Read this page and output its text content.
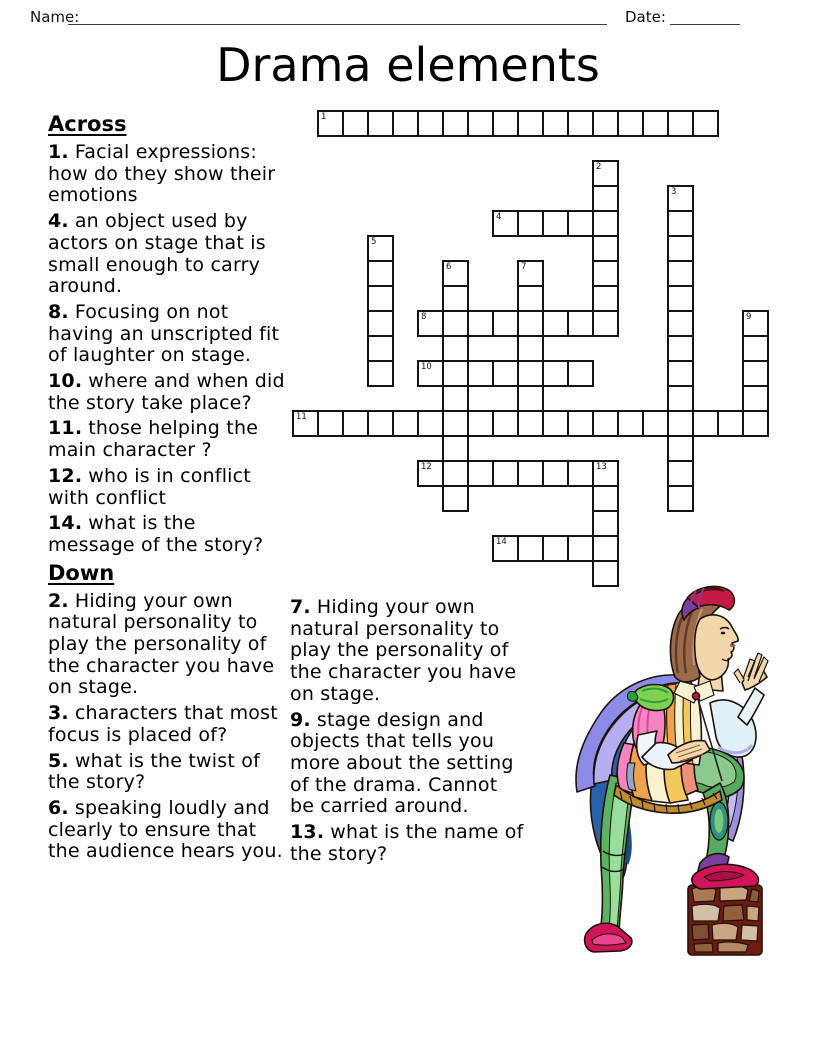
Name:	Date:
Drama elements
1
2
3
4
5
6	7
8	9
10
11
12	13
14
Across

1. Facial expressions: how do they show their emotions

4. an object used by actors on stage that is small enough to carry around.

8. Focusing on not having an unscripted fit of laughter on stage.

10. where and when did the story take place?

11. those helping the main character ?

12. who is in conflict with conflict

14. what is the message of the story?

Down

2. Hiding your own natural personality to play the personality of the character you have on stage.

3. characters that most focus is placed of?

5. what is the twist of the story?

6. speaking loudly and clearly to ensure that the audience hears you.

7. Hiding your own natural personality to play the personality of the character you have on stage.

9. stage design and objects that tells you more about the setting of the drama. Cannot be carried around.

13. what is the name of the story?
